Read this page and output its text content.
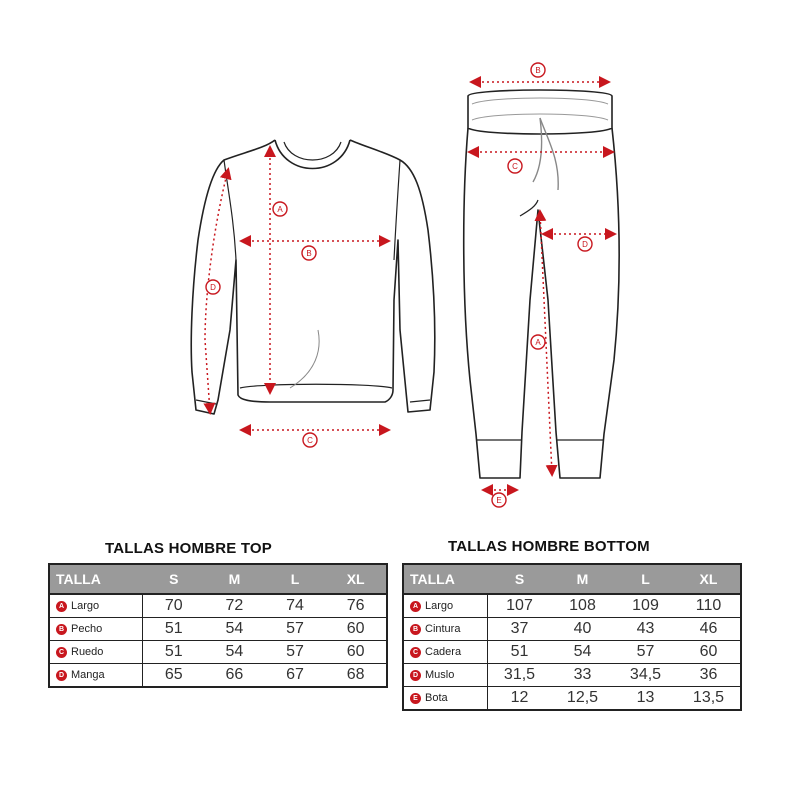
A
B
C
D
B
C
D
A
E
TALLAS HOMBRE TOP	TALLAS HOMBRE BOTTOM
TALLA	S	M	L	XL
A Largo	70	72	74	76
B Pecho	51	54	57	60
C Ruedo	51	54	57	60
D Manga	65	66	67	68
TALLA	S	M	L	XL
A Largo	107	108	109	110
B Cintura	37	40	43	46
C Cadera	51	54	57	60
D Muslo	31,5	33	34,5	36
E Bota	12	12,5	13	13,5
